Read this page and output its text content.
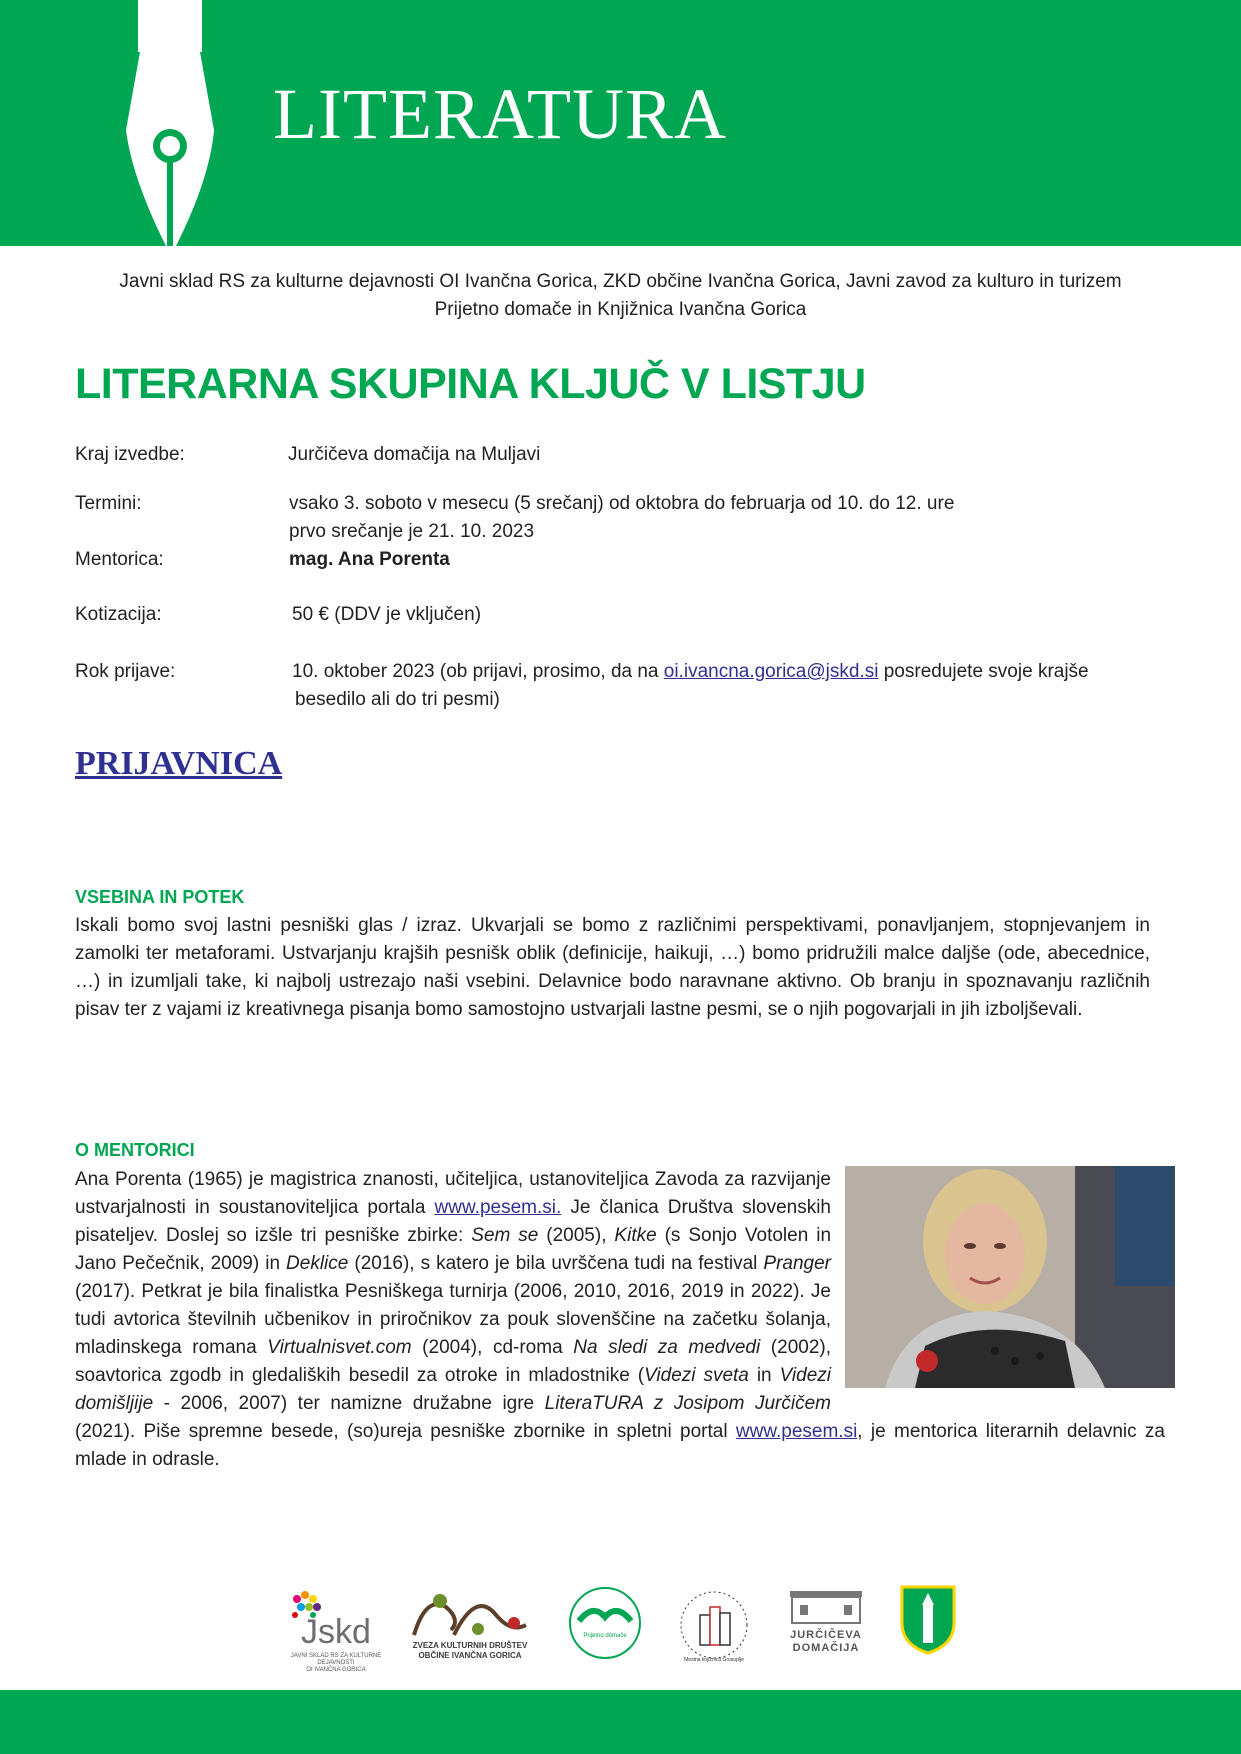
LITERATURA
Javni sklad RS za kulturne dejavnosti OI Ivančna Gorica, ZKD občine Ivančna Gorica, Javni zavod za kulturo in turizem
Prijetno domače in Knjižnica Ivančna Gorica
LITERARNA SKUPINA KLJUČ V LISTJU
Kraj izvedbe:	Jurčičeva domačija na Muljavi
Termini:	vsako 3. soboto v mesecu (5 srečanj) od oktobra do februarja od 10. do 12. ure
prvo srečanje je 21. 10. 2023
Mentorica:	mag. Ana Porenta
Kotizacija:	50 € (DDV je vključen)
Rok prijave:	10. oktober 2023 (ob prijavi, prosimo, da na oi.ivancna.gorica@jskd.si posredujete svoje krajše
besedilo ali do tri pesmi)
PRIJAVNICA
VSEBINA IN POTEK

Iskali bomo svoj lastni pesniški glas / izraz. Ukvarjali se bomo z različnimi perspektivami, ponavljanjem, stopnjevanjem in zamolki ter metaforami. Ustvarjanju krajših pesnišk oblik (definicije, haikuji, …) bomo pridružili malce daljše (ode, abecednice, …) in izumljali take, ki najbolj ustrezajo naši vsebini. Delavnice bodo naravnane aktivno. Ob branju in spoznavanju različnih pisav ter z vajami iz kreativnega pisanja bomo samostojno ustvarjali lastne pesmi, se o njih pogovarjali in jih izboljševali.

O MENTORICI

Ana Porenta (1965) je magistrica znanosti, učiteljica, ustanoviteljica Zavoda za razvijanje ustvarjalnosti in soustanoviteljica portala www.pesem.si. Je članica Društva slovenskih pisateljev. Doslej so izšle tri pesniške zbirke: Sem se (2005), Kitke (s Sonjo Votolen in Jano Pečečnik, 2009) in Deklice (2016), s katero je bila uvrščena tudi na festival Pranger (2017). Petkrat je bila finalistka Pesniškega turnirja (2006, 2010, 2016, 2019 in 2022). Je tudi avtorica številnih učbenikov in priročnikov za pouk slovenščine na začetku šolanja, mladinskega romana Virtualnisvet.com (2004), cd-roma Na sledi za medvedi (2002), soavtorica zgodb in gledaliških besedil za otroke in mladostnike (Videzi sveta in Videzi domišljije - 2006, 2007) ter namizne družabne igre LiteraTURA z Josipom Jurčičem (2021). Piše spremne besede, (so)ureja pesniške zbornike in spletni portal www.pesem.si, je mentorica literarnih delavnic za mlade in odrasle.

Jskd
JAVNI SKLAD RS ZA KULTURNE DEJAVNOSTI
OI IVANČNA GORICA
ZVEZA KULTURNIH DRUŠTEV
OBČINE IVANČNA GORICA
Prijetno domače
Mestna knjižnica Grosuplje
JURČIČEVA
DOMAČIJA
